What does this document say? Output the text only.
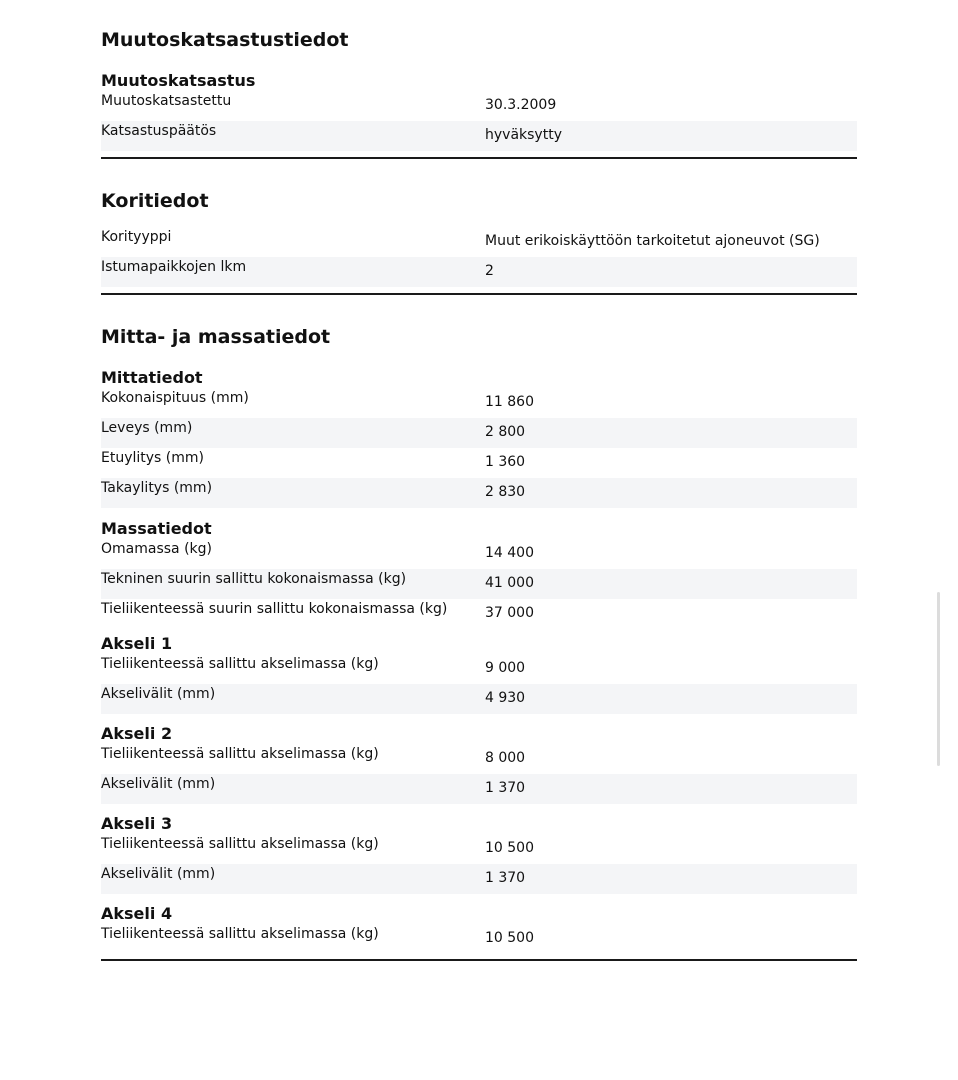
Muutoskatsastustiedot
Muutoskatsastus
Muutoskatsastettu	30.3.2009
Katsastuspäätös	hyväksytty
Koritiedot
Korityyppi	Muut erikoiskäyttöön tarkoitetut ajoneuvot (SG)
Istumapaikkojen lkm	2
Mitta- ja massatiedot
Mittatiedot
Kokonaispituus (mm)	11 860
Leveys (mm)	2 800
Etuylitys (mm)	1 360
Takaylitys (mm)	2 830
Massatiedot
Omamassa (kg)	14 400
Tekninen suurin sallittu kokonaismassa (kg)	41 000
Tieliikenteessä suurin sallittu kokonaismassa (kg)	37 000
Akseli 1
Tieliikenteessä sallittu akselimassa (kg)	9 000
Akselivälit (mm)	4 930
Akseli 2
Tieliikenteessä sallittu akselimassa (kg)	8 000
Akselivälit (mm)	1 370
Akseli 3
Tieliikenteessä sallittu akselimassa (kg)	10 500
Akselivälit (mm)	1 370
Akseli 4
Tieliikenteessä sallittu akselimassa (kg)	10 500
